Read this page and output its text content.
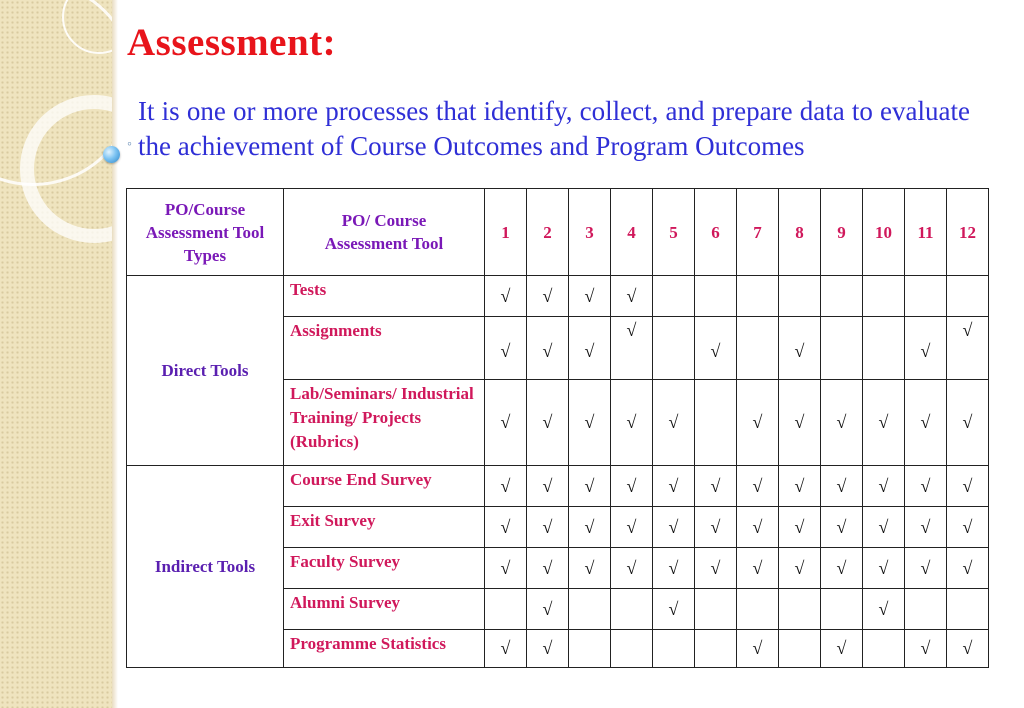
Assessment:
◦

It is one or more processes that identify, collect, and prepare data to evaluate the achievement of Course Outcomes and Program Outcomes

PO/Course Assessment Tool Types	PO/ Course Assessment Tool	1	2	3	4	5	6	7	8	9	10	11	12
Direct Tools	Tests	√	√	√	√								

	Assignments	√	√	√	√		√		√			√	√

	Lab/Seminars/ Industrial Training/ Projects (Rubrics)	√	√	√	√	√		√	√	√	√	√	√

Indirect Tools	Course End Survey	√	√	√	√	√	√	√	√	√	√	√	√

	Exit Survey	√	√	√	√	√	√	√	√	√	√	√	√

	Faculty Survey	√	√	√	√	√	√	√	√	√	√	√	√

	Alumni Survey		√			√					√		

	Programme Statistics	√	√					√		√		√	√
